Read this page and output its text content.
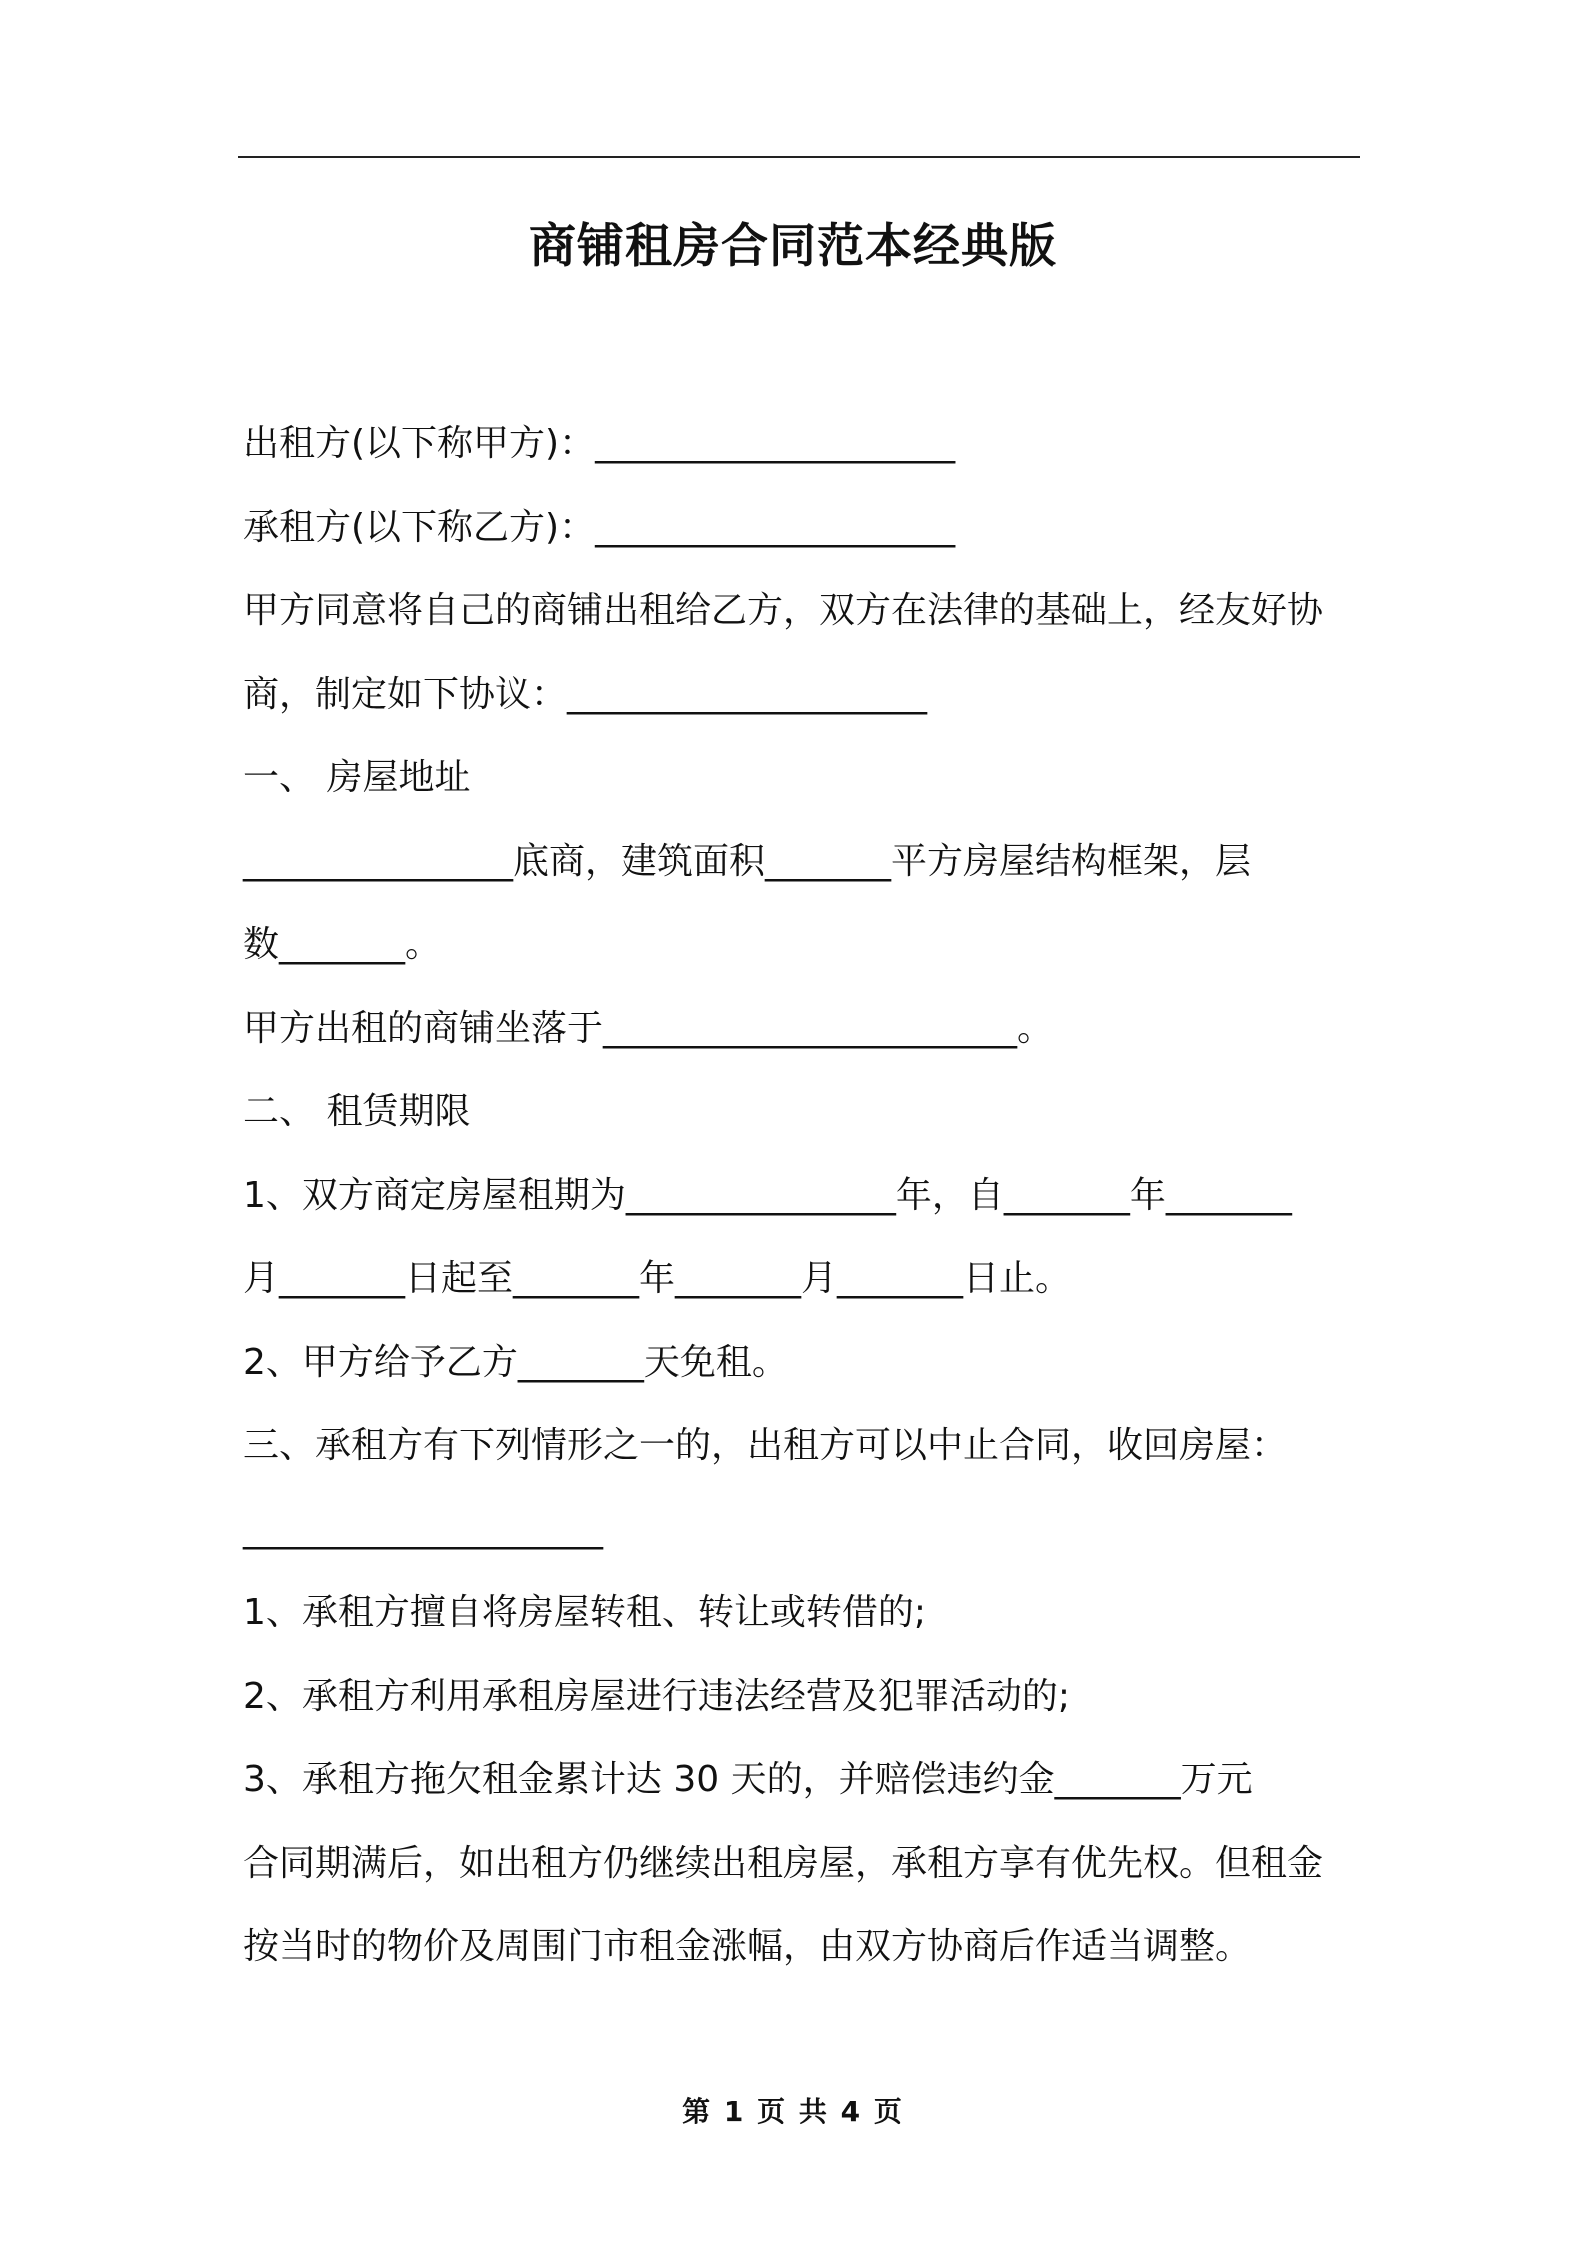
商铺租房合同范本经典版
出租方(以下称甲方)：____________________
承租方(以下称乙方)：____________________
甲方同意将自己的商铺出租给乙方，双方在法律的基础上，经友好协
商，制定如下协议：____________________
一、 房屋地址
_______________底商，建筑面积_______平方房屋结构框架，层
数_______。
甲方出租的商铺坐落于_______________________。
二、 租赁期限
1、双方商定房屋租期为_______________年，自_______年_______
月_______日起至_______年_______月_______日止。
2、甲方给予乙方_______天免租。
三、承租方有下列情形之一的，出租方可以中止合同，收回房屋：
____________________
1、承租方擅自将房屋转租、转让或转借的;
2、承租方利用承租房屋进行违法经营及犯罪活动的;
3、承租方拖欠租金累计达 30 天的，并赔偿违约金_______万元
合同期满后，如出租方仍继续出租房屋，承租方享有优先权。但租金
按当时的物价及周围门市租金涨幅，由双方协商后作适当调整。
第 1 页 共 4 页
